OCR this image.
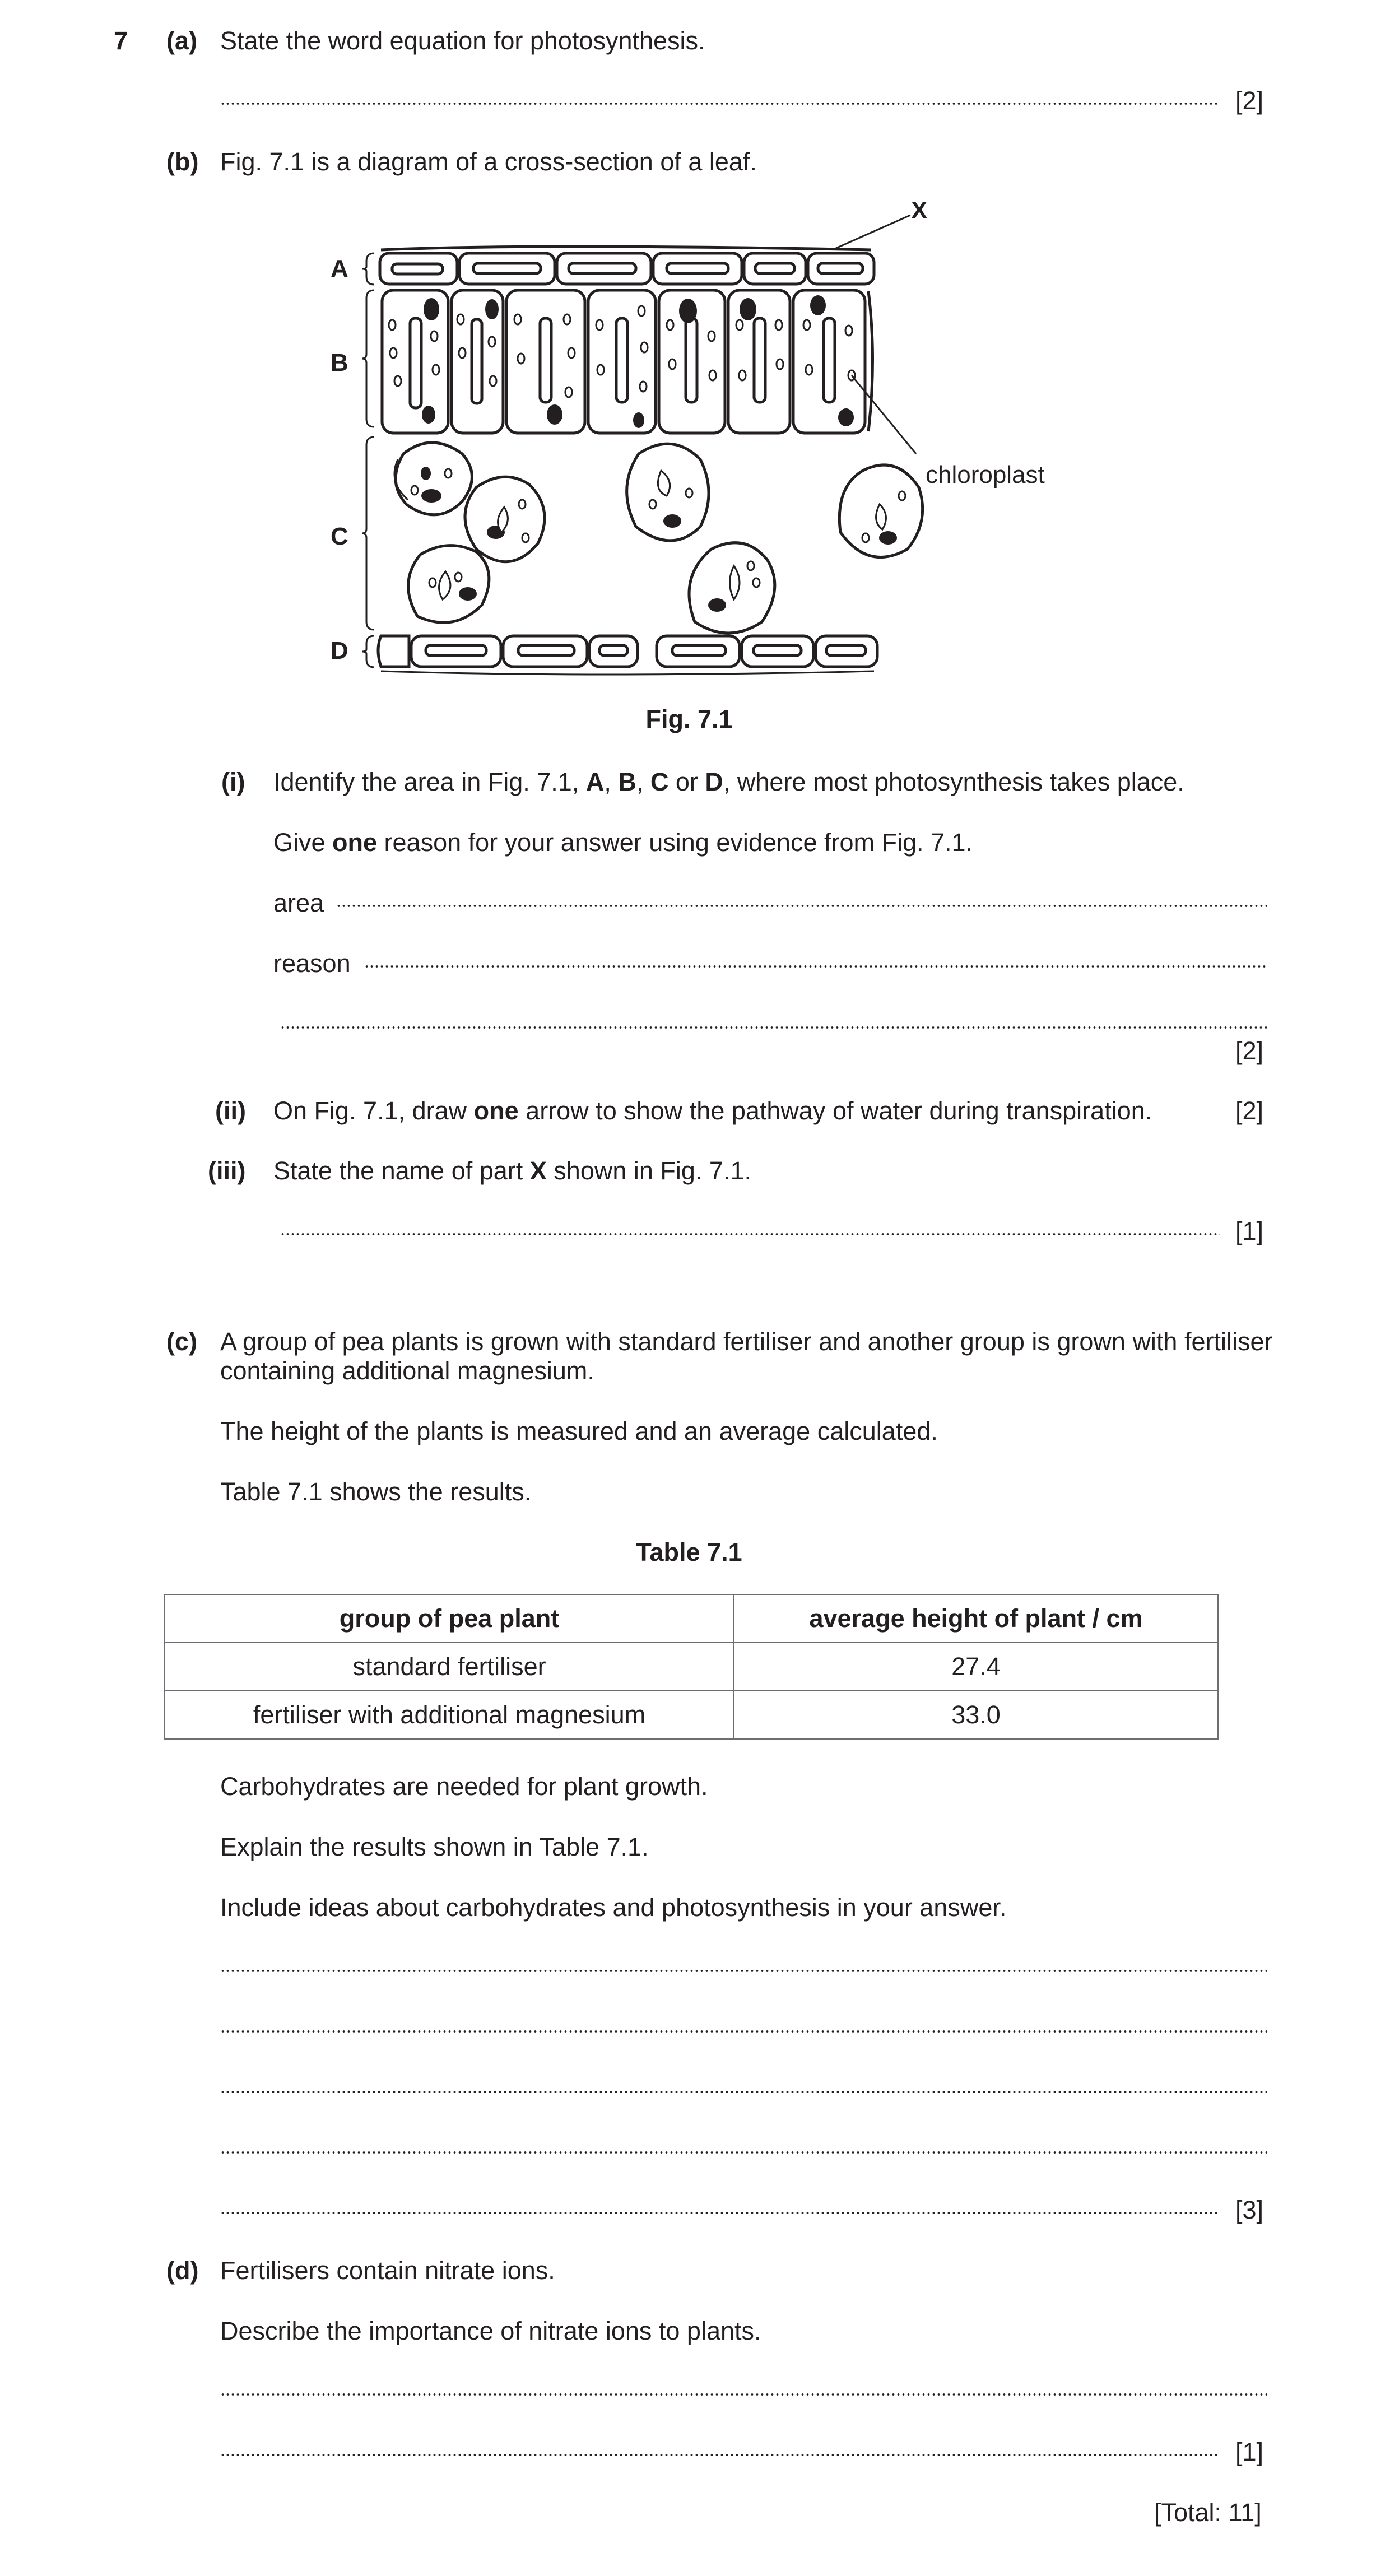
7 (a) State the word equation for photosynthesis.
[2]
(b) Fig. 7.1 is a diagram of a cross-section of a leaf.
A
B
C
D
X
chloroplast
Fig. 7.1
(i) Identify the area in Fig. 7.1, A, B, C or D, where most photosynthesis takes place.
Give one reason for your answer using evidence from Fig. 7.1.
area
reason
[2]
(ii) On Fig. 7.1, draw one arrow to show the pathway of water during transpiration.	[2]
(iii) State the name of part X shown in Fig. 7.1.
[1]
(c) A group of pea plants is grown with standard fertiliser and another group is grown with fertiliser
containing additional magnesium.
The height of the plants is measured and an average calculated.
Table 7.1 shows the results.
Table 7.1
group of pea plant	average height of plant / cm
standard fertiliser	27.4
fertiliser with additional magnesium	33.0
Carbohydrates are needed for plant growth.
Explain the results shown in Table 7.1.
Include ideas about carbohydrates and photosynthesis in your answer.
[3]
(d) Fertilisers contain nitrate ions.
Describe the importance of nitrate ions to plants.
[1]
[Total: 11]
